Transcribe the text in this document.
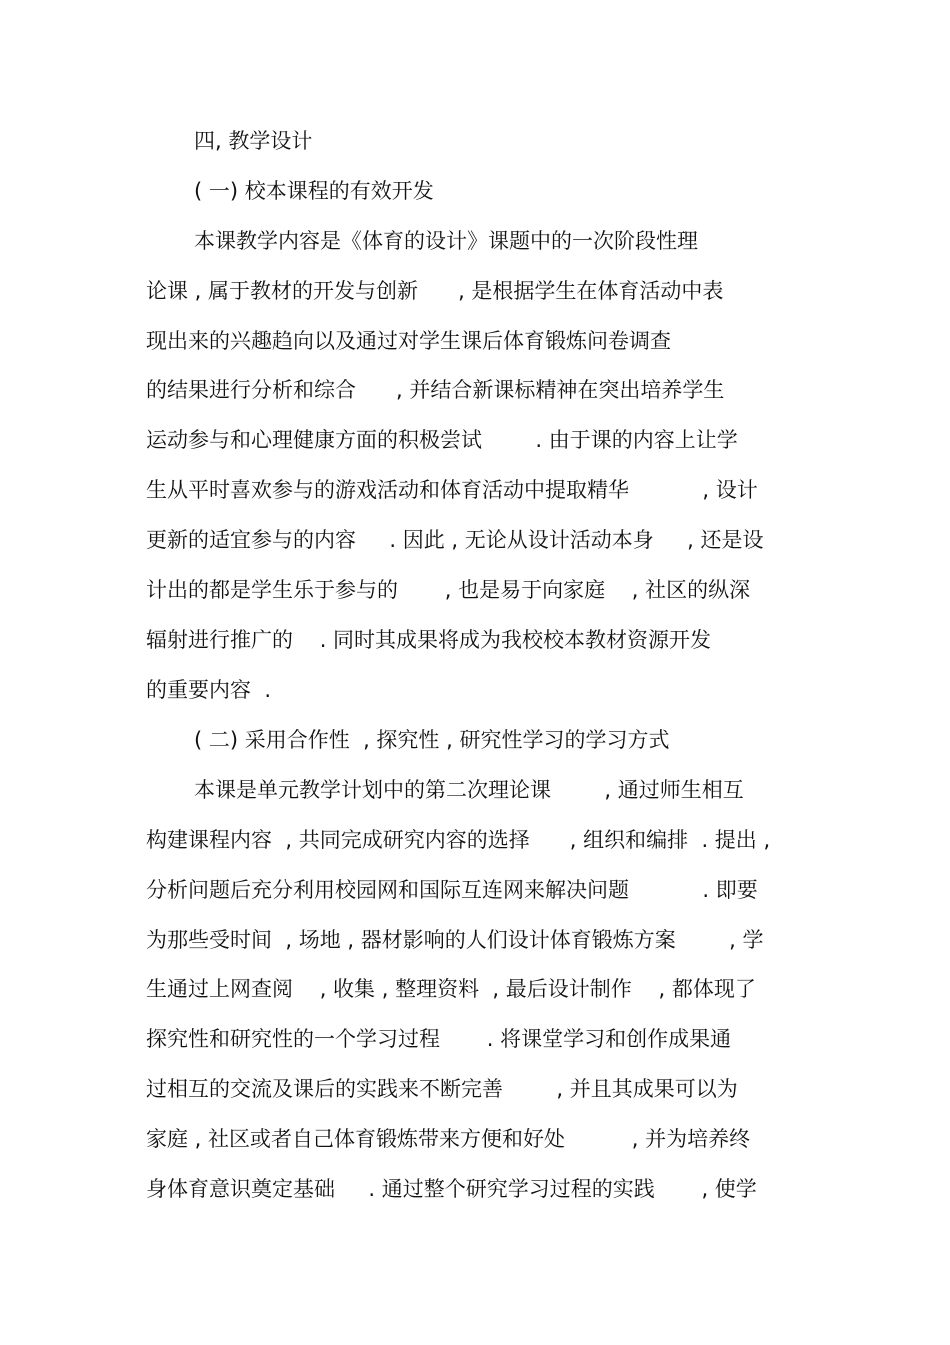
四, 教学设计
( 一) 校本课程的有效开发
本课教学内容是《体育的设计》课题中的一次阶段性理
论课 , 属于教材的开发与创新      , 是根据学生在体育活动中表
现出来的兴趣趋向以及通过对学生课后体育锻炼问卷调查
的结果进行分析和综合      , 并结合新课标精神在突出培养学生
运动参与和心理健康方面的积极尝试        . 由于课的内容上让学
生从平时喜欢参与的游戏活动和体育活动中提取精华           , 设计
更新的适宜参与的内容     . 因此 , 无论从设计活动本身     , 还是设
计出的都是学生乐于参与的       , 也是易于向家庭    , 社区的纵深
辐射进行推广的    . 同时其成果将成为我校校本教材资源开发
的重要内容  .
( 二) 采用合作性  , 探究性 , 研究性学习的学习方式
本课是单元教学计划中的第二次理论课        , 通过师生相互
构建课程内容  , 共同完成研究内容的选择      , 组织和编排  . 提出 ,
分析问题后充分利用校园网和国际互连网来解决问题           . 即要
为那些受时间  , 场地 , 器材影响的人们设计体育锻炼方案        , 学
生通过上网查阅    , 收集 , 整理资料  , 最后设计制作    , 都体现了
探究性和研究性的一个学习过程       . 将课堂学习和创作成果通
过相互的交流及课后的实践来不断完善        , 并且其成果可以为
家庭 , 社区或者自己体育锻炼带来方便和好处          , 并为培养终
身体育意识奠定基础     . 通过整个研究学习过程的实践       , 使学
